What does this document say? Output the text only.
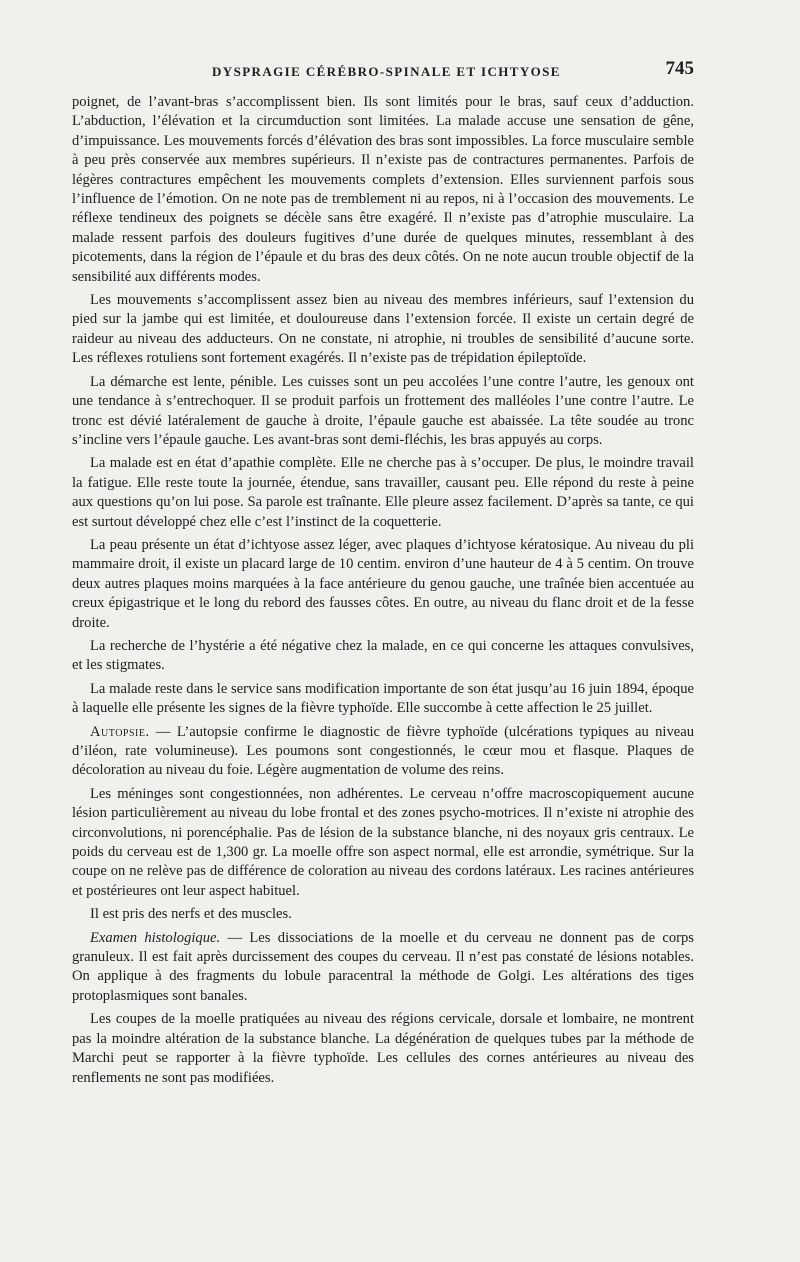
DYSPRAGIE CÉRÉBRO-SPINALE ET ICHTYOSE	745

poignet, de l’avant-bras s’accomplissent bien. Ils sont limités pour le bras, sauf ceux d’adduction. L’abduction, l’élévation et la circumduction sont limitées. La malade accuse une sensation de gêne, d’impuissance. Les mouvements forcés d’élévation des bras sont impossibles. La force musculaire semble à peu près conservée aux membres supérieurs. Il n’existe pas de contractures permanentes. Parfois de légères contractures empêchent les mouvements complets d’extension. Elles surviennent parfois sous l’influence de l’émotion. On ne note pas de tremblement ni au repos, ni à l’occasion des mouvements. Le réflexe tendineux des poignets se décèle sans être exagéré. Il n’existe pas d’atrophie musculaire. La malade ressent parfois des douleurs fugitives d’une durée de quelques minutes, ressemblant à des picotements, dans la région de l’épaule et du bras des deux côtés. On ne note aucun trouble objectif de la sensibilité aux différents modes.

Les mouvements s’accomplissent assez bien au niveau des membres inférieurs, sauf l’extension du pied sur la jambe qui est limitée, et douloureuse dans l’extension forcée. Il existe un certain degré de raideur au niveau des adducteurs. On ne constate, ni atrophie, ni troubles de sensibilité d’aucune sorte. Les réflexes rotuliens sont fortement exagérés. Il n’existe pas de trépidation épileptoïde.

La démarche est lente, pénible. Les cuisses sont un peu accolées l’une contre l’autre, les genoux ont une tendance à s’entrechoquer. Il se produit parfois un frottement des malléoles l’une contre l’autre. Le tronc est dévié latéralement de gauche à droite, l’épaule gauche est abaissée. La tête soudée au tronc s’incline vers l’épaule gauche. Les avant-bras sont demi-fléchis, les bras appuyés au corps.

La malade est en état d’apathie complète. Elle ne cherche pas à s’occuper. De plus, le moindre travail la fatigue. Elle reste toute la journée, étendue, sans travailler, causant peu. Elle répond du reste à peine aux questions qu’on lui pose. Sa parole est traînante. Elle pleure assez facilement. D’après sa tante, ce qui est surtout développé chez elle c’est l’instinct de la coquetterie.

La peau présente un état d’ichtyose assez léger, avec plaques d’ichtyose kératosique. Au niveau du pli mammaire droit, il existe un placard large de 10 centim. environ d’une hauteur de 4 à 5 centim. On trouve deux autres plaques moins marquées à la face antérieure du genou gauche, une traînée bien accentuée au creux épigastrique et le long du rebord des fausses côtes. En outre, au niveau du flanc droit et de la fesse droite.

La recherche de l’hystérie a été négative chez la malade, en ce qui concerne les attaques convulsives, et les stigmates.

La malade reste dans le service sans modification importante de son état jusqu’au 16 juin 1894, époque à laquelle elle présente les signes de la fièvre typhoïde. Elle succombe à cette affection le 25 juillet.

Autopsie. — L’autopsie confirme le diagnostic de fièvre typhoïde (ulcérations typiques au niveau d’iléon, rate volumineuse). Les poumons sont congestionnés, le cœur mou et flasque. Plaques de décoloration au niveau du foie. Légère augmentation de volume des reins.

Les méninges sont congestionnées, non adhérentes. Le cerveau n’offre macroscopiquement aucune lésion particulièrement au niveau du lobe frontal et des zones psycho-motrices. Il n’existe ni atrophie des circonvolutions, ni porencéphalie. Pas de lésion de la substance blanche, ni des noyaux gris centraux. Le poids du cerveau est de 1,300 gr. La moelle offre son aspect normal, elle est arrondie, symétrique. Sur la coupe on ne relève pas de différence de coloration au niveau des cordons latéraux. Les racines antérieures et postérieures ont leur aspect habituel.

Il est pris des nerfs et des muscles.

Examen histologique. — Les dissociations de la moelle et du cerveau ne donnent pas de corps granuleux. Il est fait après durcissement des coupes du cerveau. Il n’est pas constaté de lésions notables. On applique à des fragments du lobule paracentral la méthode de Golgi. Les altérations des tiges protoplasmiques sont banales.

Les coupes de la moelle pratiquées au niveau des régions cervicale, dorsale et lombaire, ne montrent pas la moindre altération de la substance blanche. La dégénération de quelques tubes par la méthode de Marchi peut se rapporter à la fièvre typhoïde. Les cellules des cornes antérieures au niveau des renflements ne sont pas modifiées.
